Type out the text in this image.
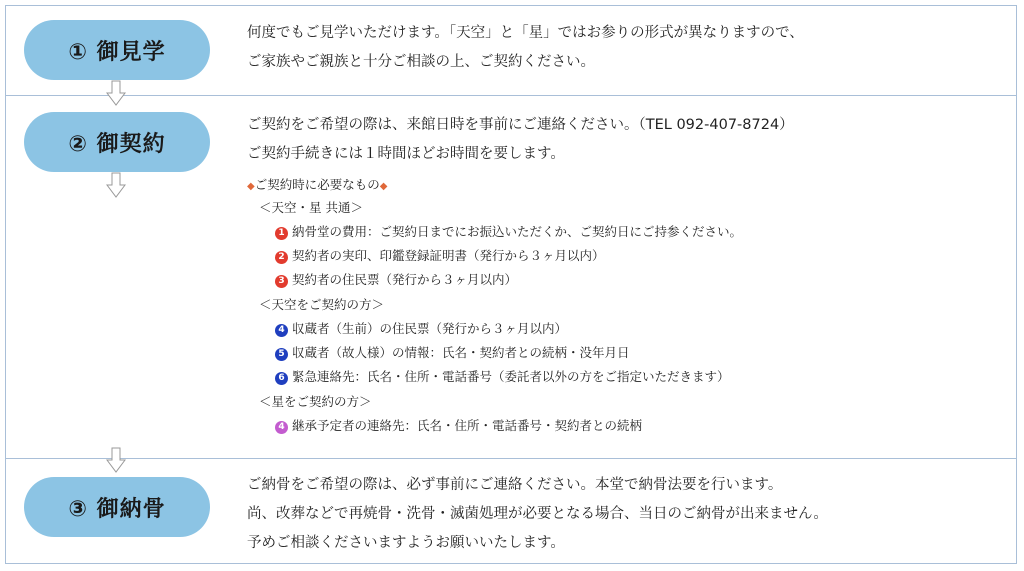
① 御見学
何度でもご見学いただけます。「天空」と「星」ではお参りの形式が異なりますので、
ご家族やご親族と十分ご相談の上、ご契約ください。
② 御契約
ご契約をご希望の際は、来館日時を事前にご連絡ください。（TEL 092-407-8724）
ご契約手続きには１時間ほどお時間を要します。
◆ご契約時に必要なもの◆
＜天空・星 共通＞
1 納骨堂の費用：ご契約日までにお振込いただくか、ご契約日にご持参ください。
2 契約者の実印、印鑑登録証明書（発行から３ヶ月以内）
3 契約者の住民票（発行から３ヶ月以内）
＜天空をご契約の方＞
4 収蔵者（生前）の住民票（発行から３ヶ月以内）
5 収蔵者（故人様）の情報：氏名・契約者との続柄・没年月日
6 緊急連絡先：氏名・住所・電話番号（委託者以外の方をご指定いただきます）
＜星をご契約の方＞
4 継承予定者の連絡先：氏名・住所・電話番号・契約者との続柄
③ 御納骨
ご納骨をご希望の際は、必ず事前にご連絡ください。本堂で納骨法要を行います。
尚、改葬などで再焼骨・洗骨・滅菌処理が必要となる場合、当日のご納骨が出来ません。
予めご相談くださいますようお願いいたします。
